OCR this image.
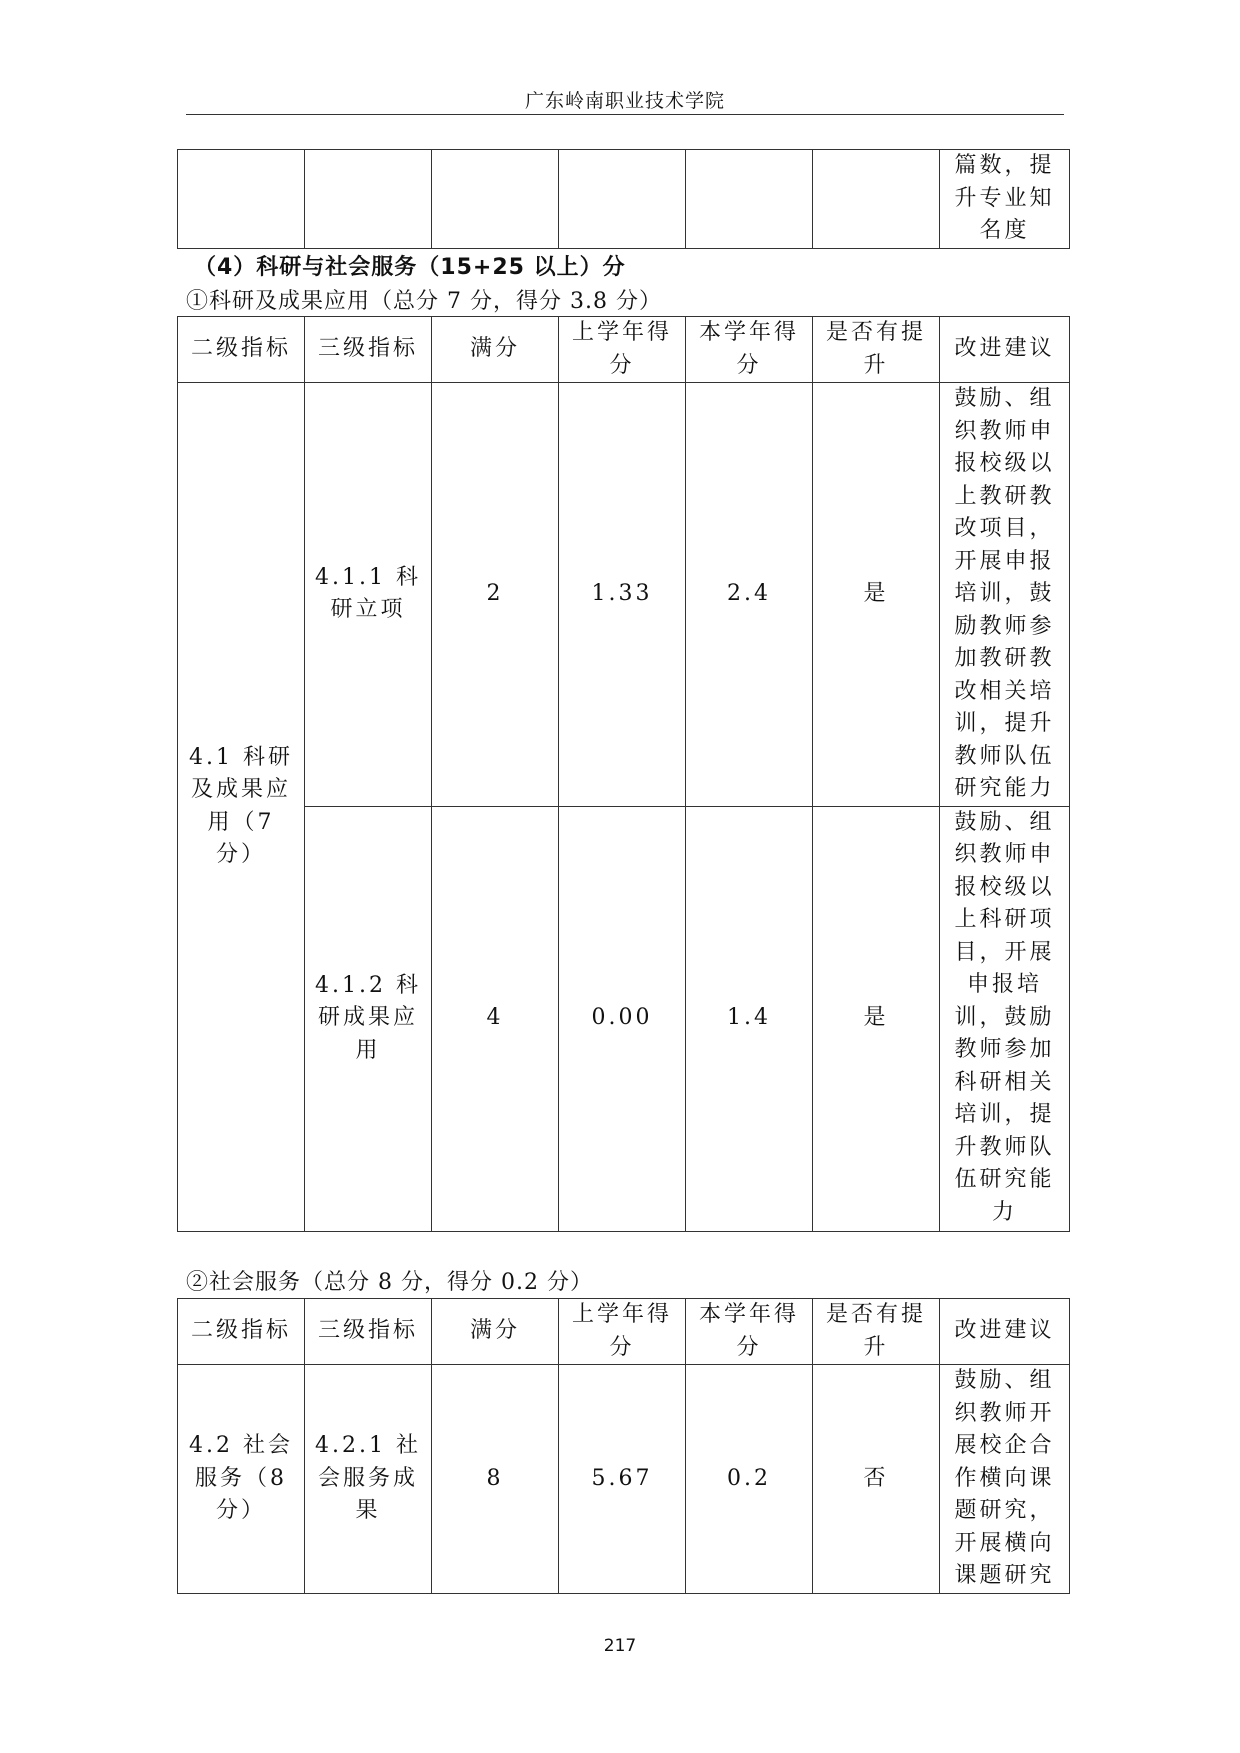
广东岭南职业技术学院
						篇数，提升专业知名度
（4）科研与社会服务（15+25 以上）分
①科研及成果应用（总分 7 分，得分 3.8 分）
二级指标	三级指标	满分	上学年得分	本学年得分	是否有提升	改进建议
4.1 科研及成果应用（7 分）	4.1.1 科研立项	2	1.33	2.4	是	鼓励、组织教师申报校级以上教研教改项目，开展申报培训，鼓励教师参加教研教改相关培训，提升教师队伍研究能力
	4.1.2 科研成果应用	4	0.00	1.4	是	鼓励、组织教师申报校级以上科研项目，开展申报培训，鼓励教师参加科研相关培训，提升教师队伍研究能力
②社会服务（总分 8 分，得分 0.2 分）
二级指标	三级指标	满分	上学年得分	本学年得分	是否有提升	改进建议
4.2 社会服务（8 分）	4.2.1 社会服务成果	8	5.67	0.2	否	鼓励、组织教师开展校企合作横向课题研究，开展横向课题研究
217
